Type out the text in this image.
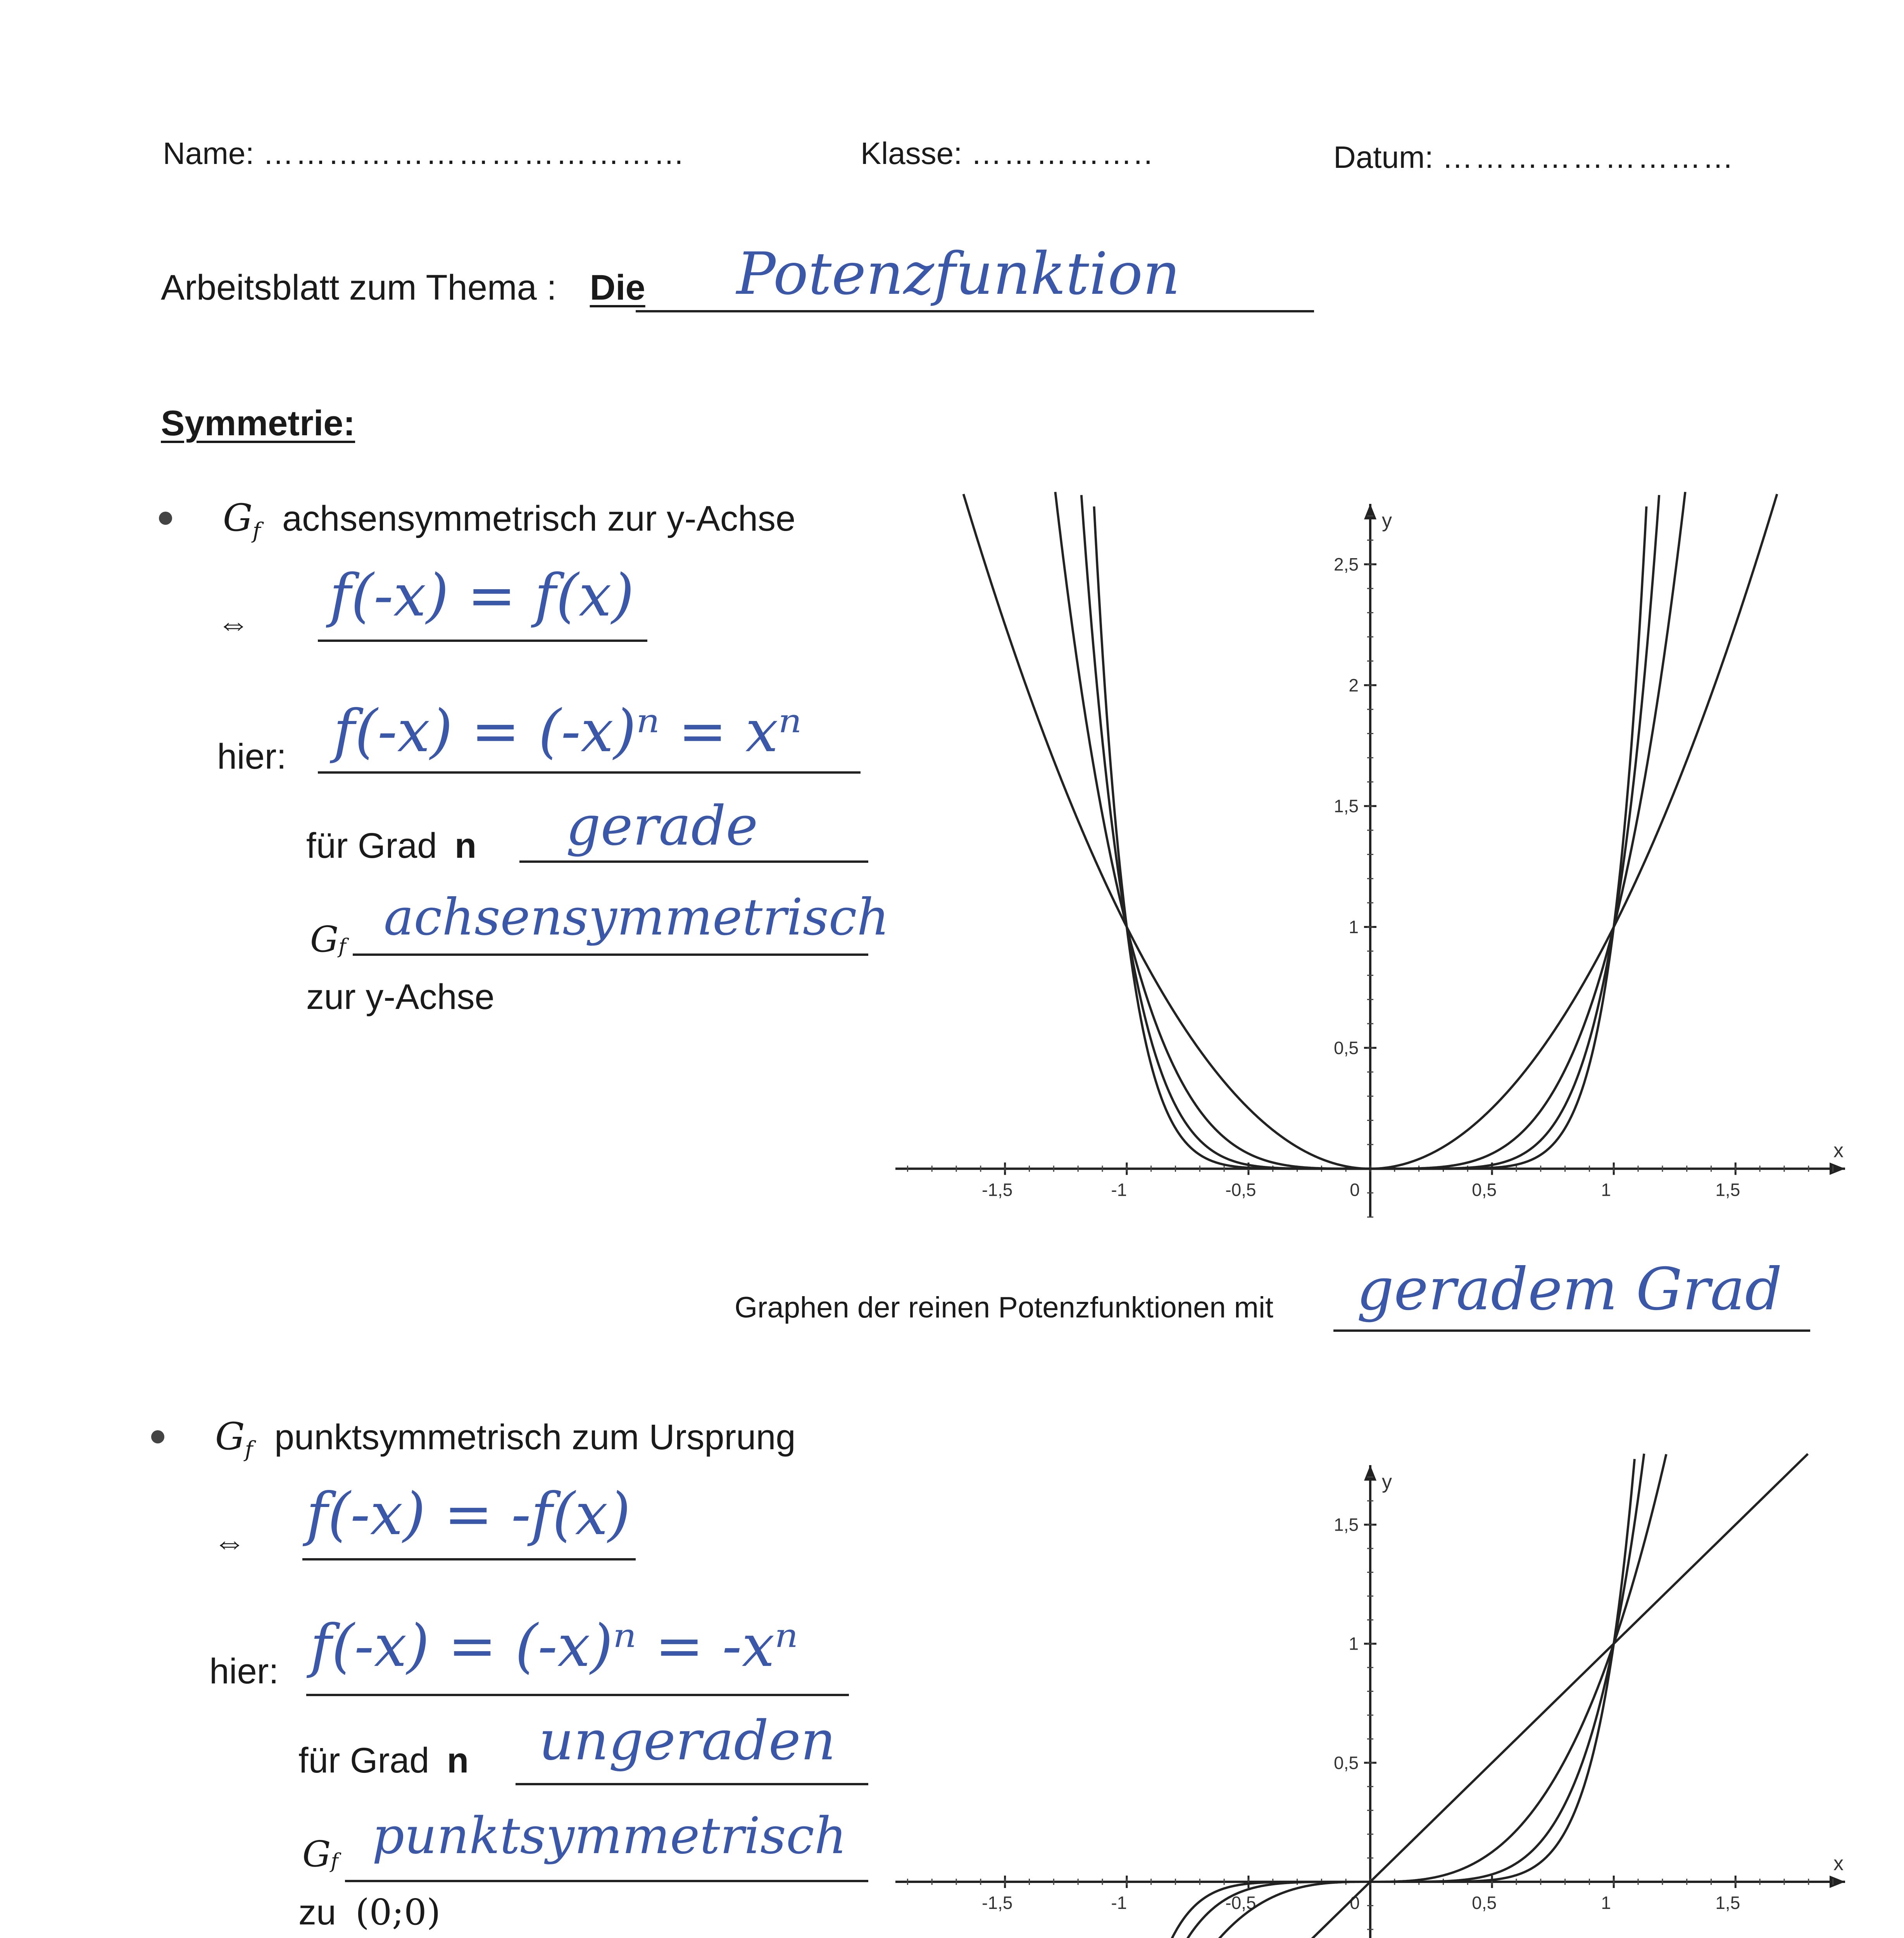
Name: …………………………………	Klasse: ……………..	Datum: ………………………
Arbeitsblatt zum Thema : Die Potenzfunktion
Symmetrie:
$G_f$ achsensymmetrisch zur y-Achse
⇔ f(-x) = f(x)
hier: f(-x) = (-x)ⁿ = xⁿ
für Grad n gerade
$G_f$
achsensymmetrisch
zur y-Achse
x
y
-1,5	-1	-0,5	0	0,5	1	1,5
0,5
1
1,5
2
2,5
Graphen der reinen Potenzfunktionen mit geradem Grad
$G_f$ punktsymmetrisch zum Ursprung
⇔ f(-x) = -f(x)
hier: f(-x) = (-x)ⁿ = -xⁿ
für Grad n ungeraden
$G_f$ punktsymmetrisch
zu (0;0)
x
y
-1,5	-1	-0,5	0	0,5	1	1,5
0,5
1
1,5
